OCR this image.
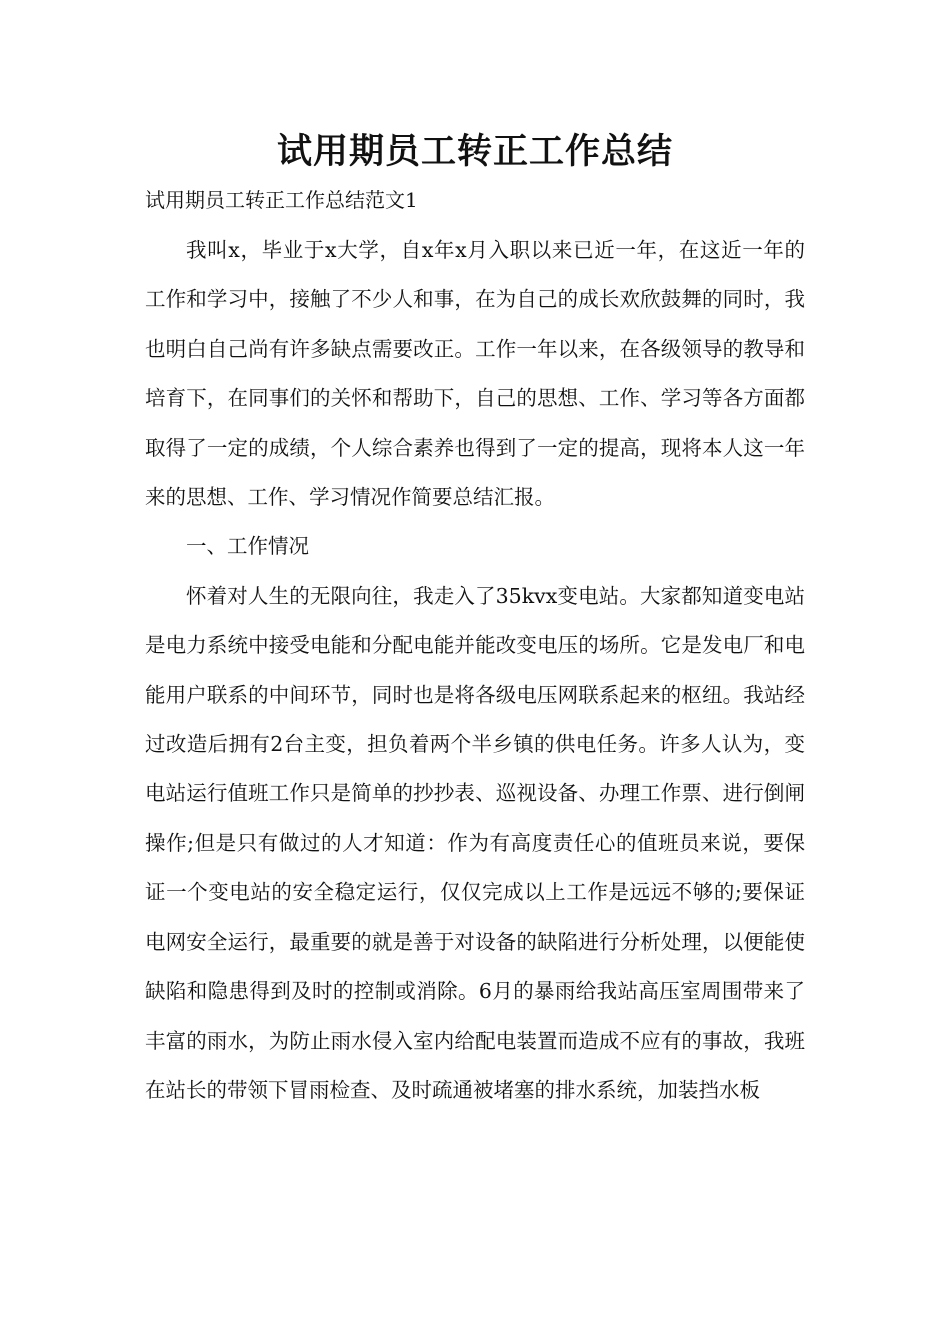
试用期员工转正工作总结

试用期员工转正工作总结范文1

我叫x，毕业于x大学，自x年x月入职以来已近一年，在这近一年的工作和学习中，接触了不少人和事，在为自己的成长欢欣鼓舞的同时，我也明白自己尚有许多缺点需要改正。工作一年以来，在各级领导的教导和培育下，在同事们的关怀和帮助下，自己的思想、工作、学习等各方面都取得了一定的成绩，个人综合素养也得到了一定的提高，现将本人这一年来的思想、工作、学习情况作简要总结汇报。

一、工作情况

怀着对人生的无限向往，我走入了35kvx变电站。大家都知道变电站是电力系统中接受电能和分配电能并能改变电压的场所。它是发电厂和电能用户联系的中间环节，同时也是将各级电压网联系起来的枢纽。我站经过改造后拥有2台主变，担负着两个半乡镇的供电任务。许多人认为，变电站运行值班工作只是简单的抄抄表、巡视设备、办理工作票、进行倒闸操作;但是只有做过的人才知道：作为有高度责任心的值班员来说，要保证一个变电站的安全稳定运行，仅仅完成以上工作是远远不够的;要保证电网安全运行，最重要的就是善于对设备的缺陷进行分析处理，以便能使缺陷和隐患得到及时的控制或消除。6月的暴雨给我站高压室周围带来了丰富的雨水，为防止雨水侵入室内给配电装置而造成不应有的事故，我班在站长的带领下冒雨检查、及时疏通被堵塞的排水系统，加装挡水板
